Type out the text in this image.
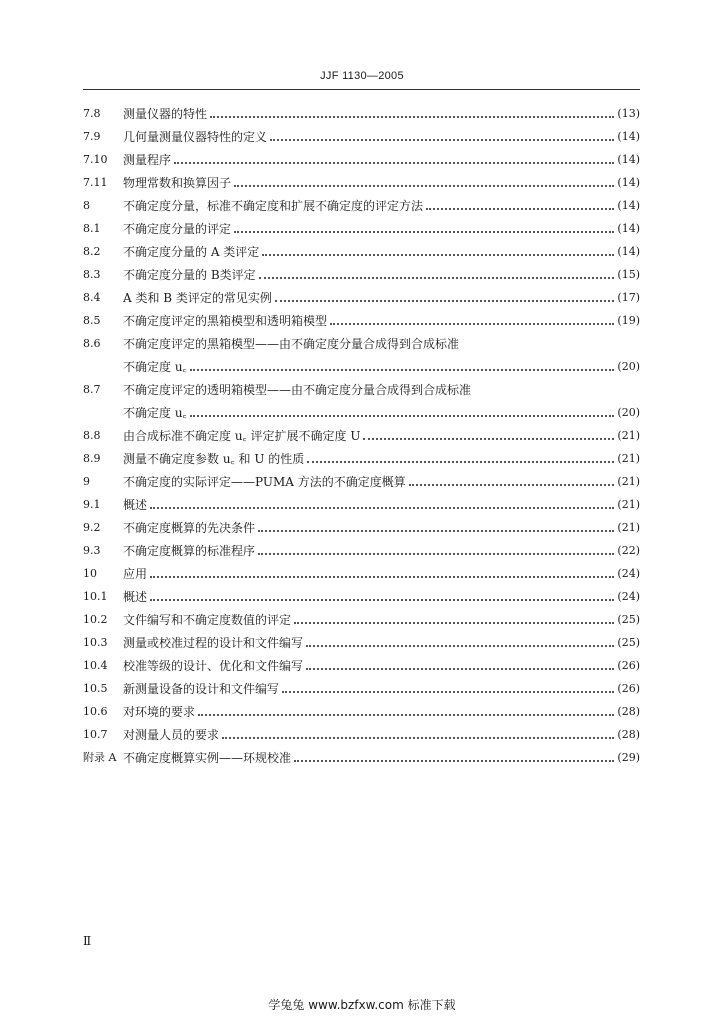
JJF 1130—2005
7.8	测量仪器的特性	(13)
7.9	几何量测量仪器特性的定义	(14)
7.10	测量程序	(14)
7.11	物理常数和换算因子	(14)
8	不确定度分量，标准不确定度和扩展不确定度的评定方法	(14)
8.1	不确定度分量的评定	(14)
8.2	不确定度分量的 A 类评定	(14)
8.3	不确定度分量的 B类评定	(15)
8.4	A 类和 B 类评定的常见实例	(17)
8.5	不确定度评定的黑箱模型和透明箱模型	(19)
8.6	不确定度评定的黑箱模型——由不确定度分量合成得到合成标准
不确定度 u꜀	(20)
8.7	不确定度评定的透明箱模型——由不确定度分量合成得到合成标准
不确定度 u꜀	(20)
8.8	由合成标准不确定度 u꜀ 评定扩展不确定度 U	(21)
8.9	测量不确定度参数 u꜀ 和 U 的性质	(21)
9	不确定度的实际评定——PUMA 方法的不确定度概算	(21)
9.1	概述	(21)
9.2	不确定度概算的先决条件	(21)
9.3	不确定度概算的标准程序	(22)
10	应用	(24)
10.1	概述	(24)
10.2	文件编写和不确定度数值的评定	(25)
10.3	测量或校准过程的设计和文件编写	(25)
10.4	校准等级的设计、优化和文件编写	(26)
10.5	新测量设备的设计和文件编写	(26)
10.6	对环境的要求	(28)
10.7	对测量人员的要求	(28)
附录 A 不确定度概算实例——环规校准	(29)
Ⅱ
学兔兔 www.bzfxw.com 标准下载
